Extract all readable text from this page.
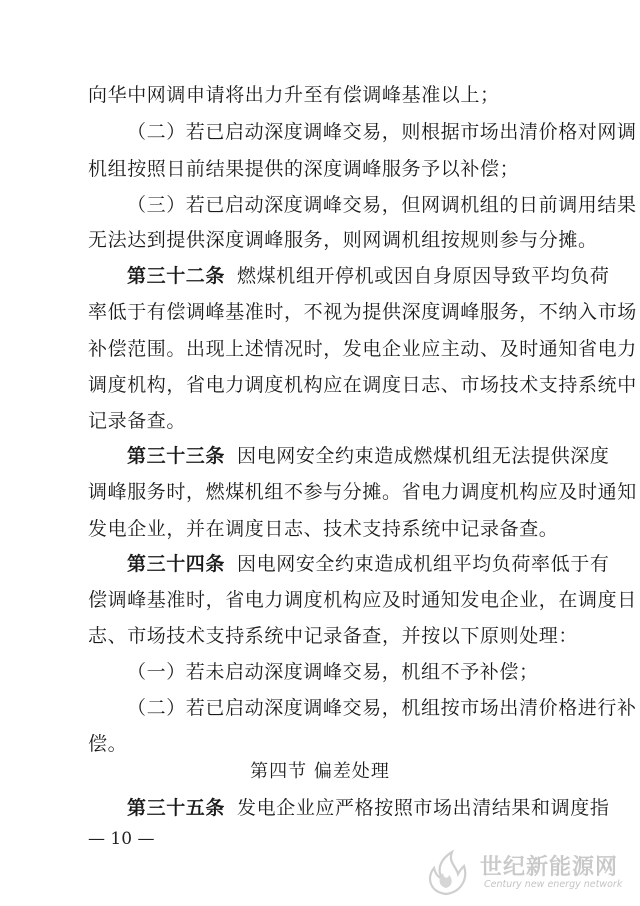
向华中网调申请将出力升至有偿调峰基准以上；
（二）若已启动深度调峰交易，则根据市场出清价格对网调
机组按照日前结果提供的深度调峰服务予以补偿；
（三）若已启动深度调峰交易，但网调机组的日前调用结果
无法达到提供深度调峰服务，则网调机组按规则参与分摊。
第三十二条 燃煤机组开停机或因自身原因导致平均负荷
率低于有偿调峰基准时，不视为提供深度调峰服务，不纳入市场
补偿范围。出现上述情况时，发电企业应主动、及时通知省电力
调度机构，省电力调度机构应在调度日志、市场技术支持系统中
记录备查。
第三十三条 因电网安全约束造成燃煤机组无法提供深度
调峰服务时，燃煤机组不参与分摊。省电力调度机构应及时通知
发电企业，并在调度日志、技术支持系统中记录备查。
第三十四条 因电网安全约束造成机组平均负荷率低于有
偿调峰基准时，省电力调度机构应及时通知发电企业，在调度日
志、市场技术支持系统中记录备查，并按以下原则处理：
（一）若未启动深度调峰交易，机组不予补偿；
（二）若已启动深度调峰交易，机组按市场出清价格进行补
偿。
第四节 偏差处理
第三十五条 发电企业应严格按照市场出清结果和调度指
— 10 —
世纪新能源网
Century new energy network
